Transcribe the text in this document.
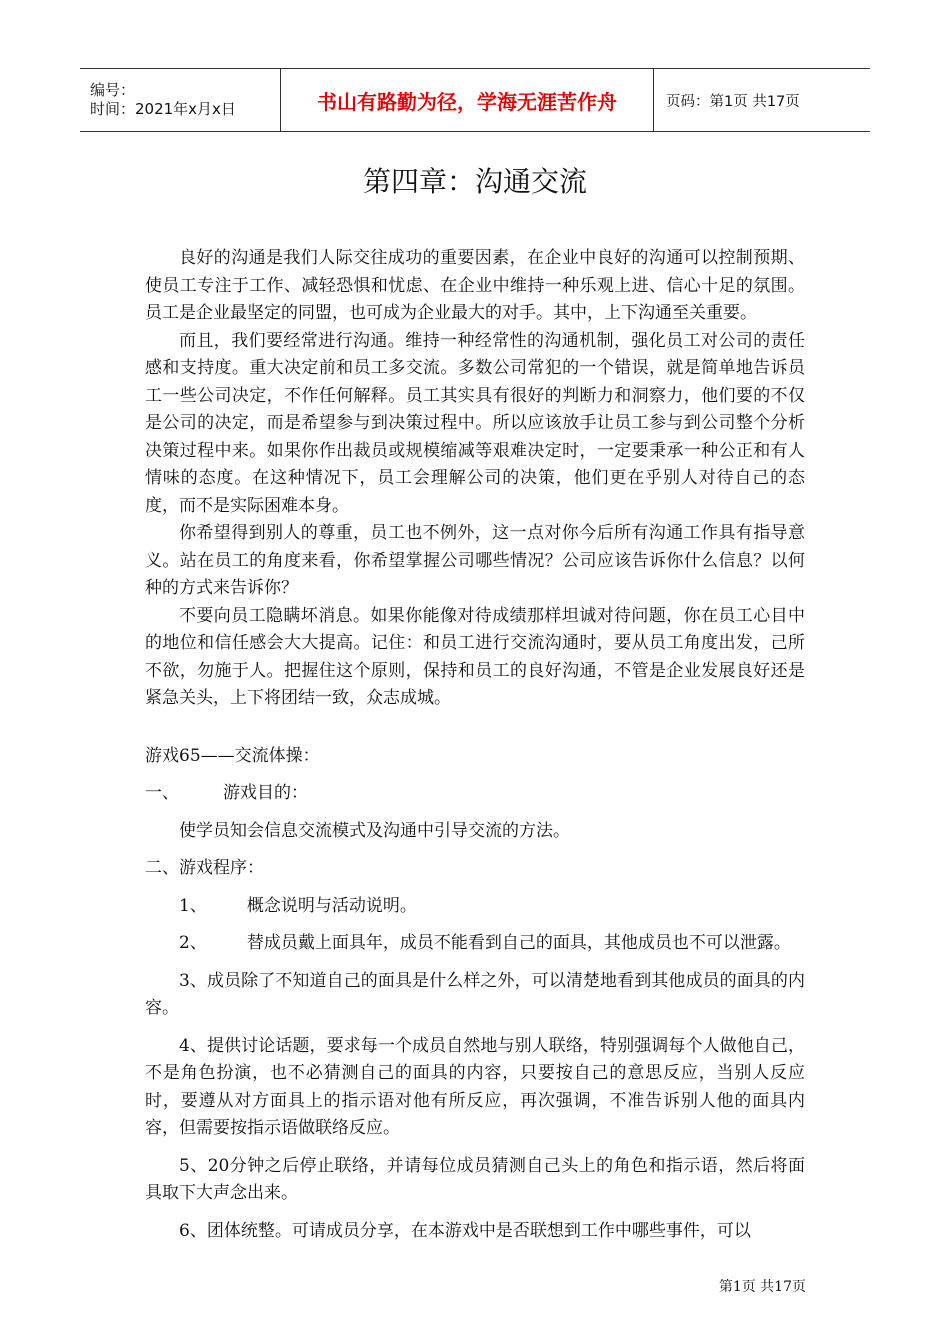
编号：
时间：2021年x月x日	书山有路勤为径，学海无涯苦作舟	页码：第1页 共17页
第四章：沟通交流

良好的沟通是我们人际交往成功的重要因素，在企业中良好的沟通可以控制预期、使员工专注于工作、减轻恐惧和忧虑、在企业中维持一种乐观上进、信心十足的氛围。员工是企业最坚定的同盟，也可成为企业最大的对手。其中，上下沟通至关重要。

而且，我们要经常进行沟通。维持一种经常性的沟通机制，强化员工对公司的责任感和支持度。重大决定前和员工多交流。多数公司常犯的一个错误，就是简单地告诉员工一些公司决定，不作任何解释。员工其实具有很好的判断力和洞察力，他们要的不仅是公司的决定，而是希望参与到决策过程中。所以应该放手让员工参与到公司整个分析决策过程中来。如果你作出裁员或规模缩减等艰难决定时，一定要秉承一种公正和有人情味的态度。在这种情况下，员工会理解公司的决策，他们更在乎别人对待自己的态度，而不是实际困难本身。

你希望得到别人的尊重，员工也不例外，这一点对你今后所有沟通工作具有指导意义。站在员工的角度来看，你希望掌握公司哪些情况？公司应该告诉你什么信息？以何种的方式来告诉你？

不要向员工隐瞒坏消息。如果你能像对待成绩那样坦诚对待问题，你在员工心目中的地位和信任感会大大提高。记住：和员工进行交流沟通时，要从员工角度出发，己所不欲，勿施于人。把握住这个原则，保持和员工的良好沟通，不管是企业发展良好还是紧急关头，上下将团结一致，众志成城。

游戏65——交流体操：

一、	游戏目的：

使学员知会信息交流模式及沟通中引导交流的方法。

二、游戏程序：

1、 概念说明与活动说明。

2、 替成员戴上面具年，成员不能看到自己的面具，其他成员也不可以泄露。

3、成员除了不知道自己的面具是什么样之外，可以清楚地看到其他成员的面具的内容。

4、提供讨论话题，要求每一个成员自然地与别人联络，特别强调每个人做他自己，不是角色扮演，也不必猜测自己的面具的内容，只要按自己的意思反应，当别人反应时，要遵从对方面具上的指示语对他有所反应，再次强调，不准告诉别人他的面具内容，但需要按指示语做联络反应。

5、20分钟之后停止联络，并请每位成员猜测自己头上的角色和指示语，然后将面具取下大声念出来。

6、团体统整。可请成员分享，在本游戏中是否联想到工作中哪些事件，可以

第1页 共17页
